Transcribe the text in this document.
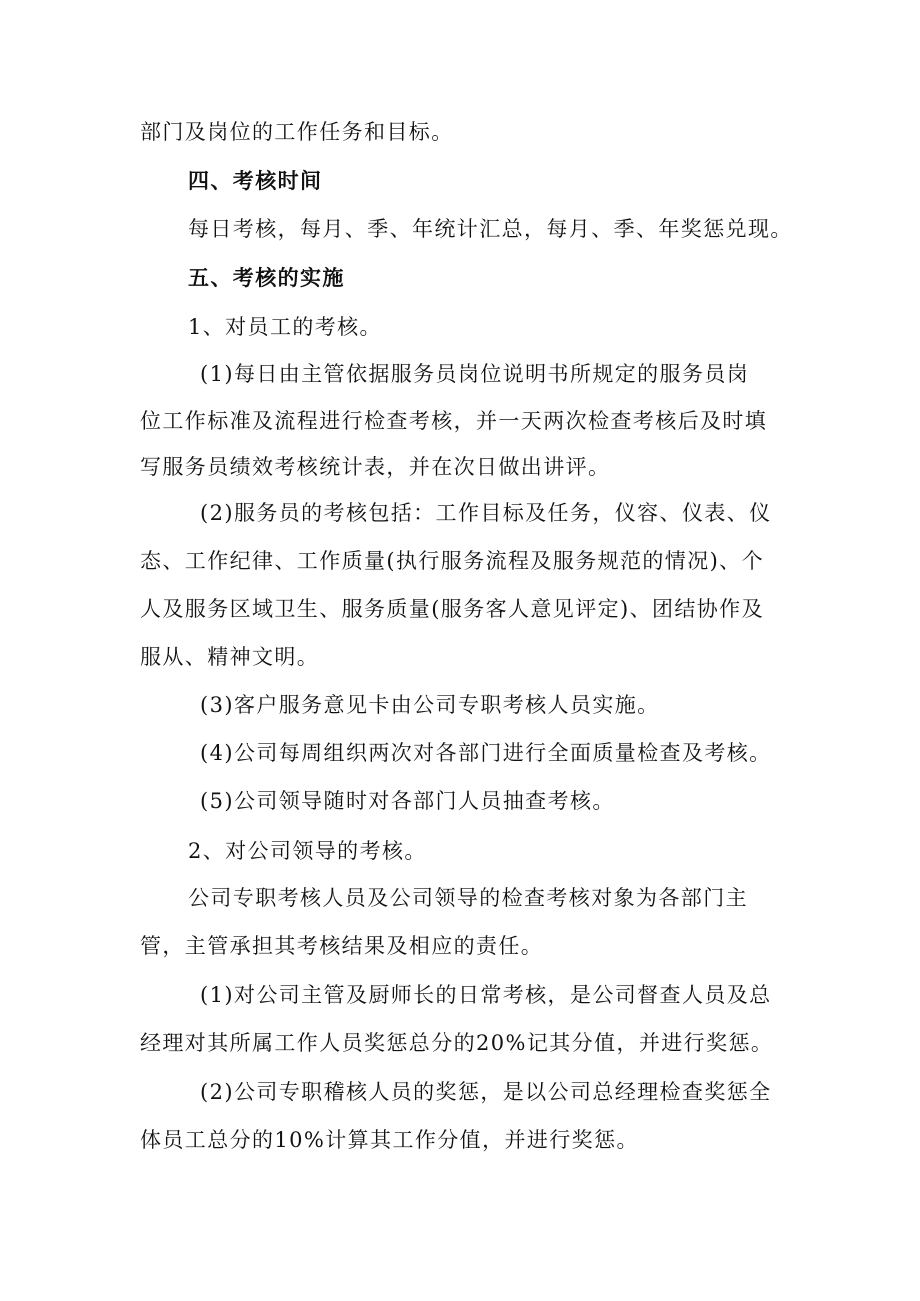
部门及岗位的工作任务和目标。
四、考核时间
每日考核，每月、季、年统计汇总，每月、季、年奖惩兑现。
五、考核的实施
1、对员工的考核。
(1)每日由主管依据服务员岗位说明书所规定的服务员岗
位工作标准及流程进行检查考核，并一天两次检查考核后及时填
写服务员绩效考核统计表，并在次日做出讲评。
(2)服务员的考核包括：工作目标及任务，仪容、仪表、仪
态、工作纪律、工作质量(执行服务流程及服务规范的情况)、个
人及服务区域卫生、服务质量(服务客人意见评定)、团结协作及
服从、精神文明。
(3)客户服务意见卡由公司专职考核人员实施。
(4)公司每周组织两次对各部门进行全面质量检查及考核。
(5)公司领导随时对各部门人员抽查考核。
2、对公司领导的考核。
公司专职考核人员及公司领导的检查考核对象为各部门主
管，主管承担其考核结果及相应的责任。
(1)对公司主管及厨师长的日常考核，是公司督查人员及总
经理对其所属工作人员奖惩总分的20%记其分值，并进行奖惩。
(2)公司专职稽核人员的奖惩，是以公司总经理检查奖惩全
体员工总分的10%计算其工作分值，并进行奖惩。
